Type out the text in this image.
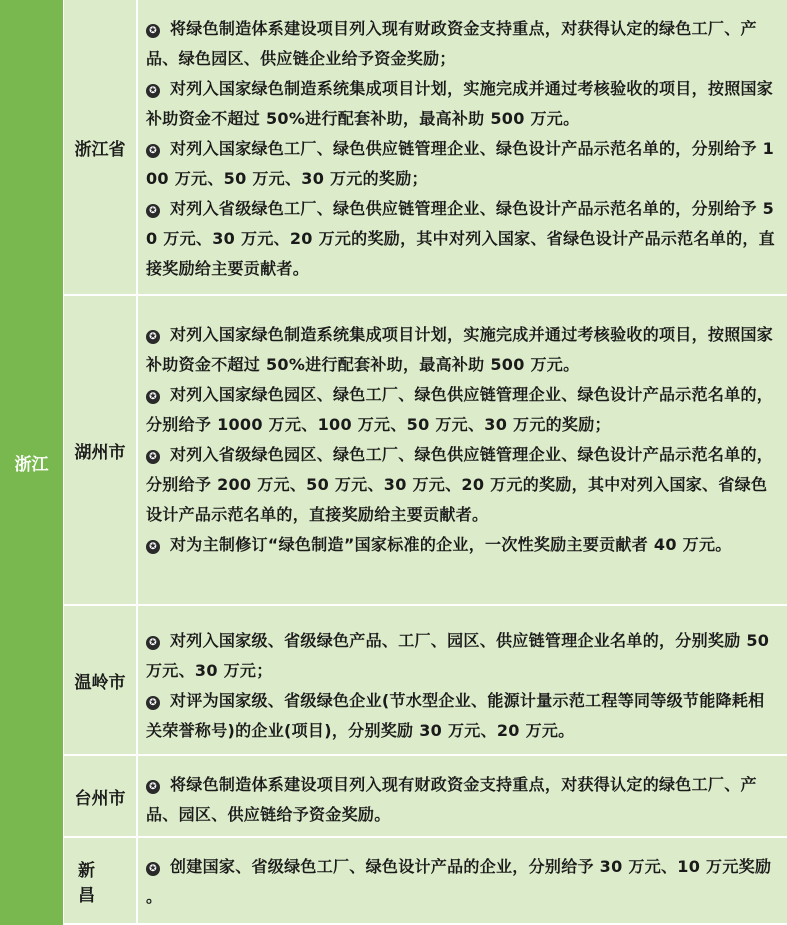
浙江
浙江省
✪ 将绿色制造体系建设项目列入现有财政资金支持重点，对获得认定的绿色工厂、产品、绿色园区、供应链企业给予资金奖励；
✪ 对列入国家绿色制造系统集成项目计划，实施完成并通过考核验收的项目，按照国家补助资金不超过 50%进行配套补助，最高补助 500 万元。
✪ 对列入国家绿色工厂、绿色供应链管理企业、绿色设计产品示范名单的，分别给予 100 万元、50 万元、30 万元的奖励；
✪ 对列入省级绿色工厂、绿色供应链管理企业、绿色设计产品示范名单的，分别给予 50 万元、30 万元、20 万元的奖励，其中对列入国家、省绿色设计产品示范名单的，直接奖励给主要贡献者。
湖州市
✪ 对列入国家绿色制造系统集成项目计划，实施完成并通过考核验收的项目，按照国家补助资金不超过 50%进行配套补助，最高补助 500 万元。
✪ 对列入国家绿色园区、绿色工厂、绿色供应链管理企业、绿色设计产品示范名单的，分别给予 1000 万元、100 万元、50 万元、30 万元的奖励；
✪ 对列入省级绿色园区、绿色工厂、绿色供应链管理企业、绿色设计产品示范名单的，分别给予 200 万元、50 万元、30 万元、20 万元的奖励，其中对列入国家、省绿色设计产品示范名单的，直接奖励给主要贡献者。
✪ 对为主制修订“绿色制造”国家标准的企业，一次性奖励主要贡献者 40 万元。
温岭市
✪ 对列入国家级、省级绿色产品、工厂、园区、供应链管理企业名单的，分别奖励 50 万元、30 万元；
✪ 对评为国家级、省级绿色企业(节水型企业、能源计量示范工程等同等级节能降耗相关荣誉称号)的企业(项目)，分别奖励 30 万元、20 万元。
台州市
✪ 将绿色制造体系建设项目列入现有财政资金支持重点，对获得认定的绿色工厂、产品、园区、供应链给予资金奖励。
新昌
✪ 创建国家、省级绿色工厂、绿色设计产品的企业，分别给予 30 万元、10 万元奖励 。
